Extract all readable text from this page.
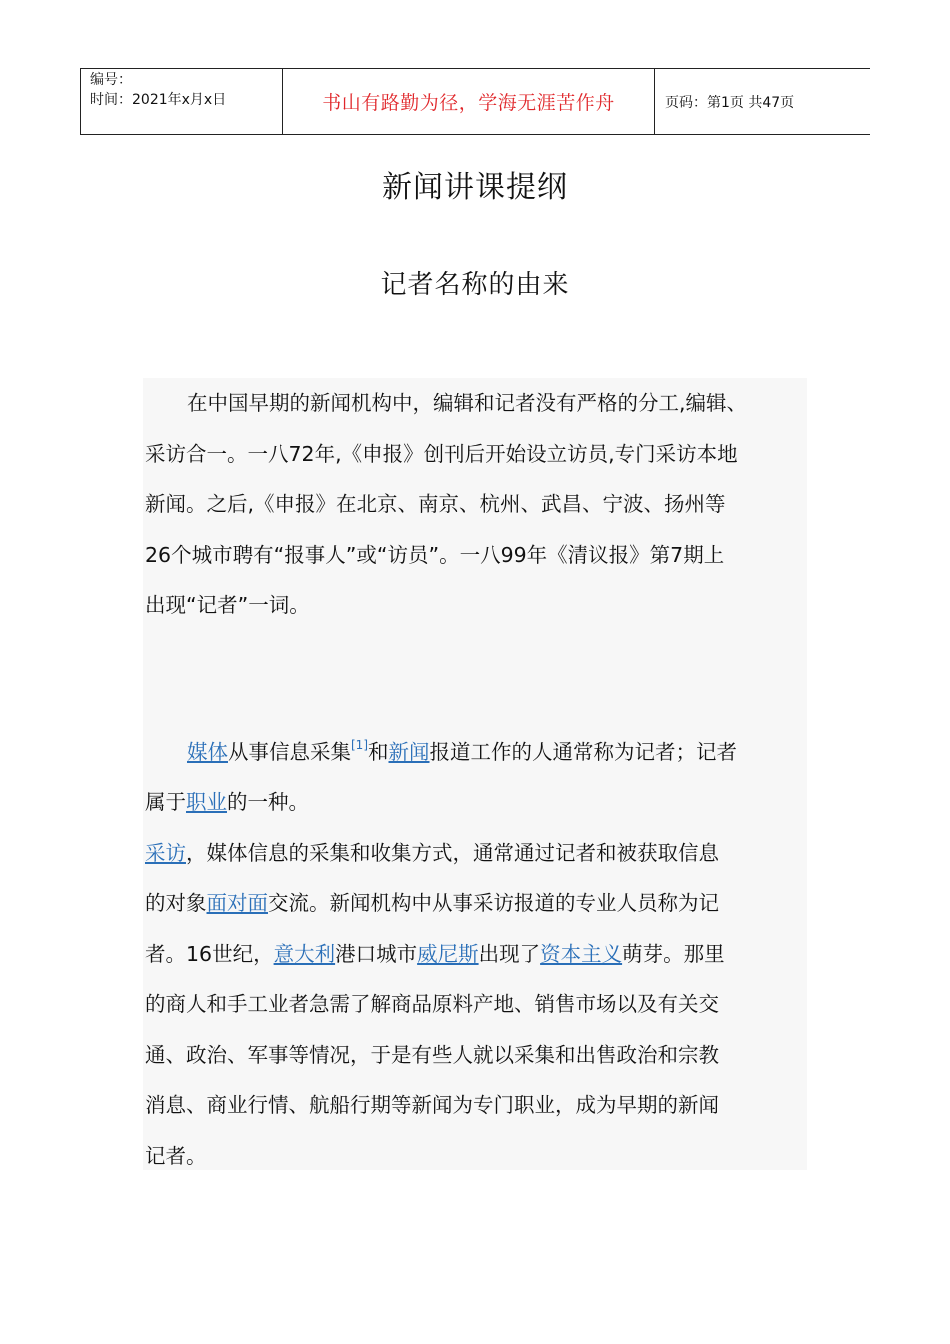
编号：
时间：2021年x月x日	书山有路勤为径，学海无涯苦作舟	页码：第1页 共47页
新闻讲课提纲
记者名称的由来
在中国早期的新闻机构中，编辑和记者没有严格的分工,编辑、
采访合一。一八72年,《申报》创刊后开始设立访员,专门采访本地
新闻。之后,《申报》在北京、南京、杭州、武昌、宁波、扬州等
26个城市聘有“报事人”或“访员”。一八99年《清议报》第7期上
出现“记者”一词。
媒体从事信息采集[1]和新闻报道工作的人通常称为记者；记者
属于职业的一种。
采访，媒体信息的采集和收集方式，通常通过记者和被获取信息
的对象面对面交流。新闻机构中从事采访报道的专业人员称为记
者。16世纪，意大利港口城市威尼斯出现了资本主义萌芽。那里
的商人和手工业者急需了解商品原料产地、销售市场以及有关交
通、政治、军事等情况，于是有些人就以采集和出售政治和宗教
消息、商业行情、航船行期等新闻为专门职业，成为早期的新闻
记者。
